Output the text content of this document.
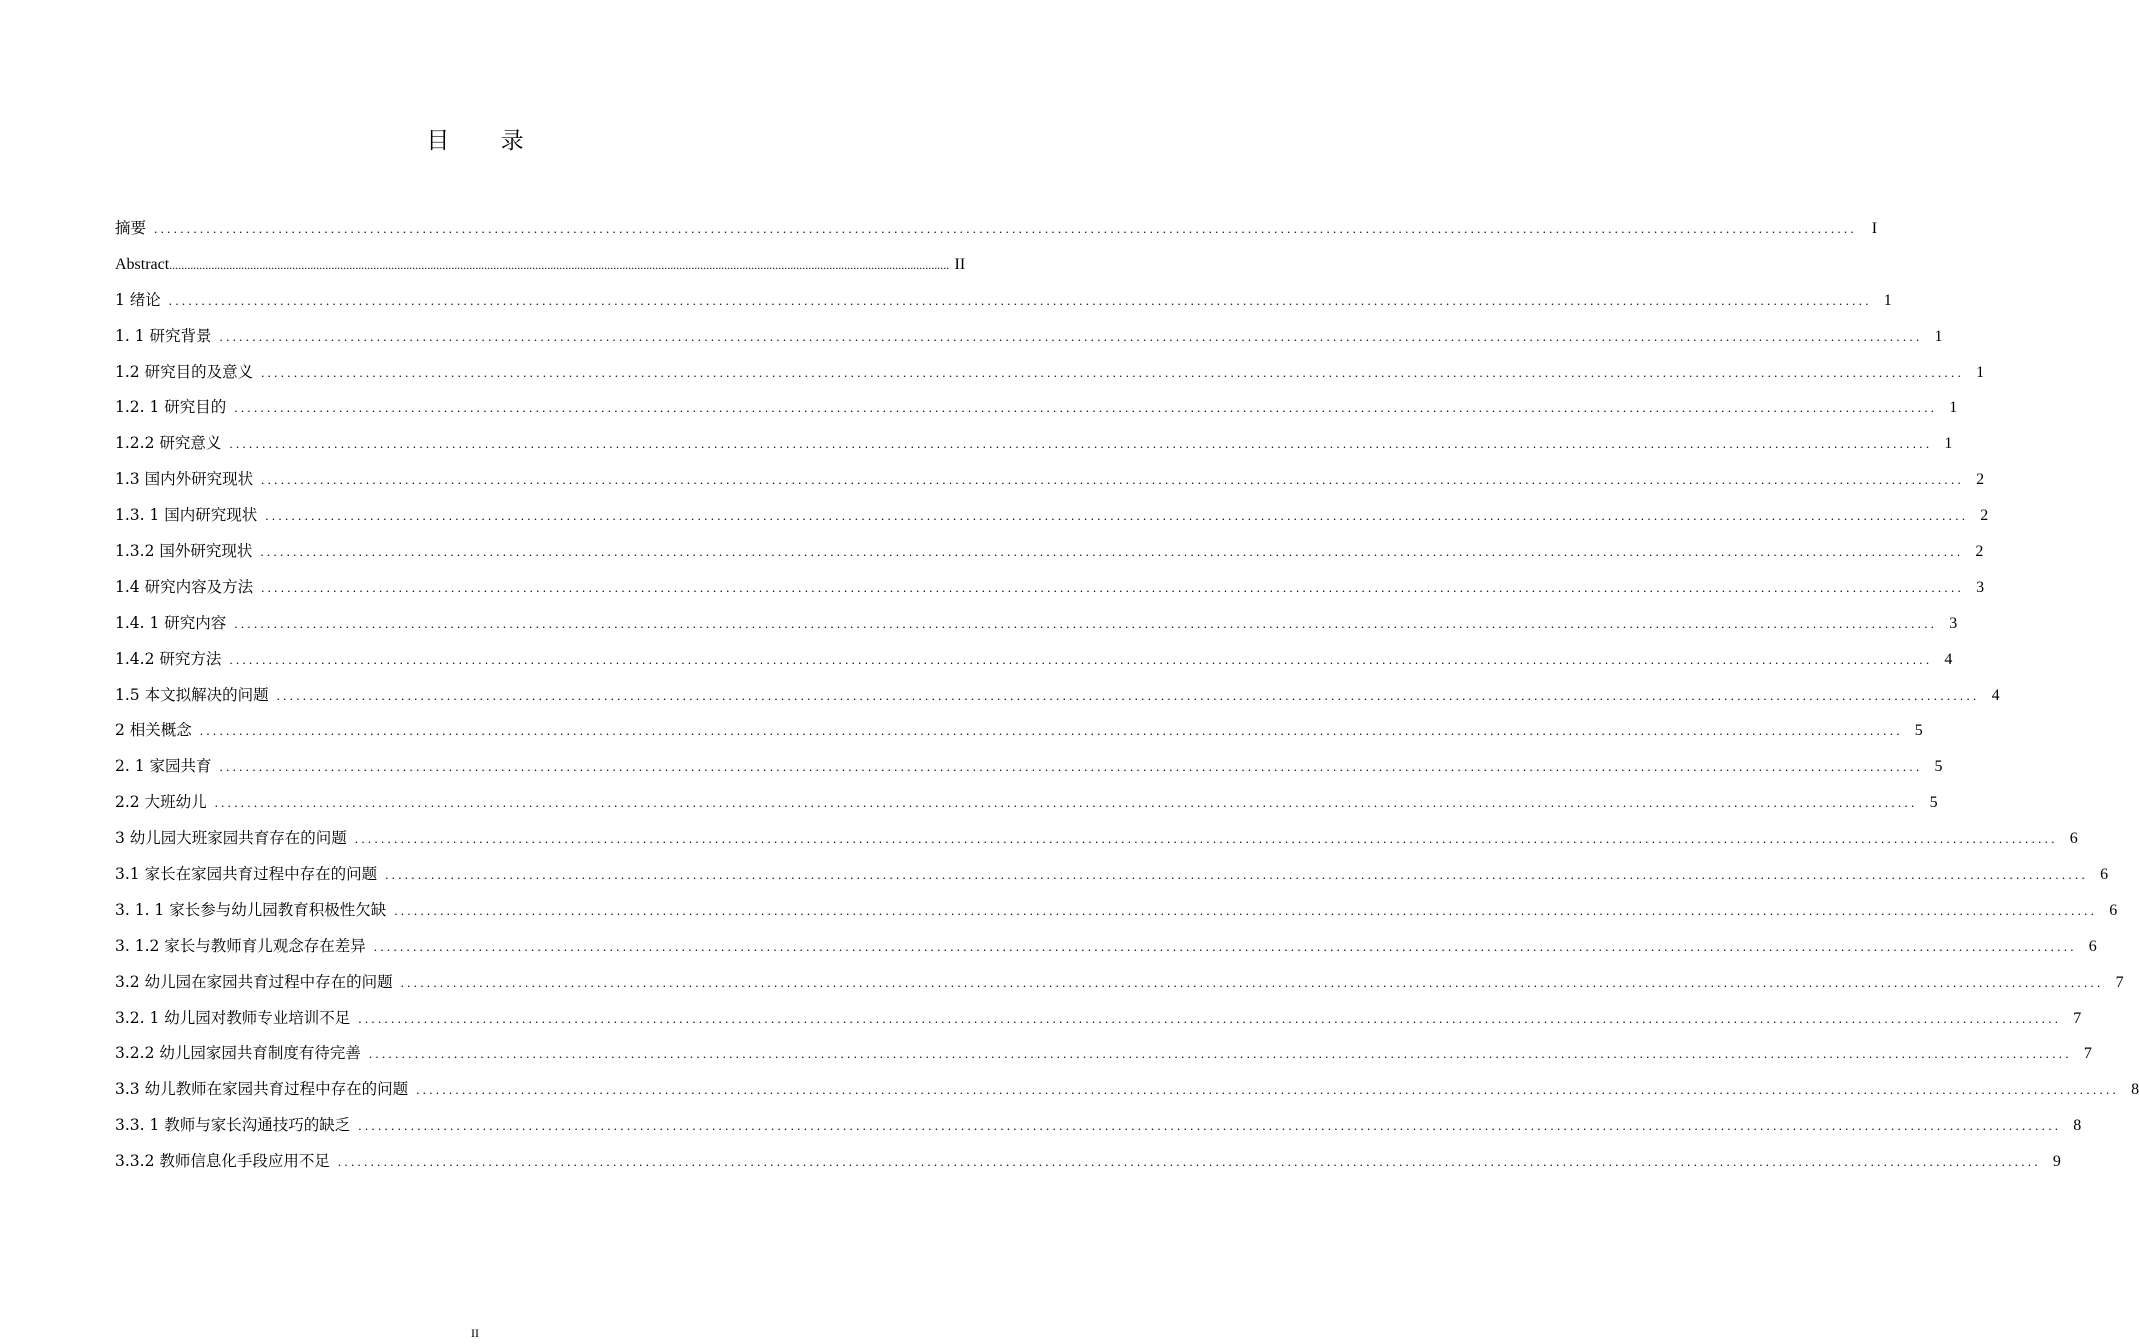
目 录
摘要 .................................................................................................................................................................................................................................................................... I
Abstract .................................................................................................................................................................................................................................................................... II
1 绪论 .................................................................................................................................................................................................................................................................... 1
1. 1 研究背景 .................................................................................................................................................................................................................................................................... 1
1.2 研究目的及意义 .................................................................................................................................................................................................................................................................... 1
1.2. 1 研究目的 .................................................................................................................................................................................................................................................................... 1
1.2.2 研究意义 .................................................................................................................................................................................................................................................................... 1
1.3 国内外研究现状 .................................................................................................................................................................................................................................................................... 2
1.3. 1 国内研究现状 .................................................................................................................................................................................................................................................................... 2
1.3.2 国外研究现状 .................................................................................................................................................................................................................................................................... 2
1.4 研究内容及方法 .................................................................................................................................................................................................................................................................... 3
1.4. 1 研究内容 .................................................................................................................................................................................................................................................................... 3
1.4.2 研究方法 .................................................................................................................................................................................................................................................................... 4
1.5 本文拟解决的问题 .................................................................................................................................................................................................................................................................... 4
2 相关概念 .................................................................................................................................................................................................................................................................... 5
2. 1 家园共育 .................................................................................................................................................................................................................................................................... 5
2.2 大班幼儿 .................................................................................................................................................................................................................................................................... 5
3 幼儿园大班家园共育存在的问题 .................................................................................................................................................................................................................................................................... 6
3.1 家长在家园共育过程中存在的问题 .................................................................................................................................................................................................................................................................... 6
3. 1. 1 家长参与幼儿园教育积极性欠缺 .................................................................................................................................................................................................................................................................... 6
3. 1.2 家长与教师育儿观念存在差异 .................................................................................................................................................................................................................................................................... 6
3.2 幼儿园在家园共育过程中存在的问题 .................................................................................................................................................................................................................................................................... 7
3.2. 1 幼儿园对教师专业培训不足 .................................................................................................................................................................................................................................................................... 7
3.2.2 幼儿园家园共育制度有待完善 .................................................................................................................................................................................................................................................................... 7
3.3 幼儿教师在家园共育过程中存在的问题 .................................................................................................................................................................................................................................................................... 8
3.3. 1 教师与家长沟通技巧的缺乏 .................................................................................................................................................................................................................................................................... 8
3.3.2 教师信息化手段应用不足 .................................................................................................................................................................................................................................................................... 9
II
